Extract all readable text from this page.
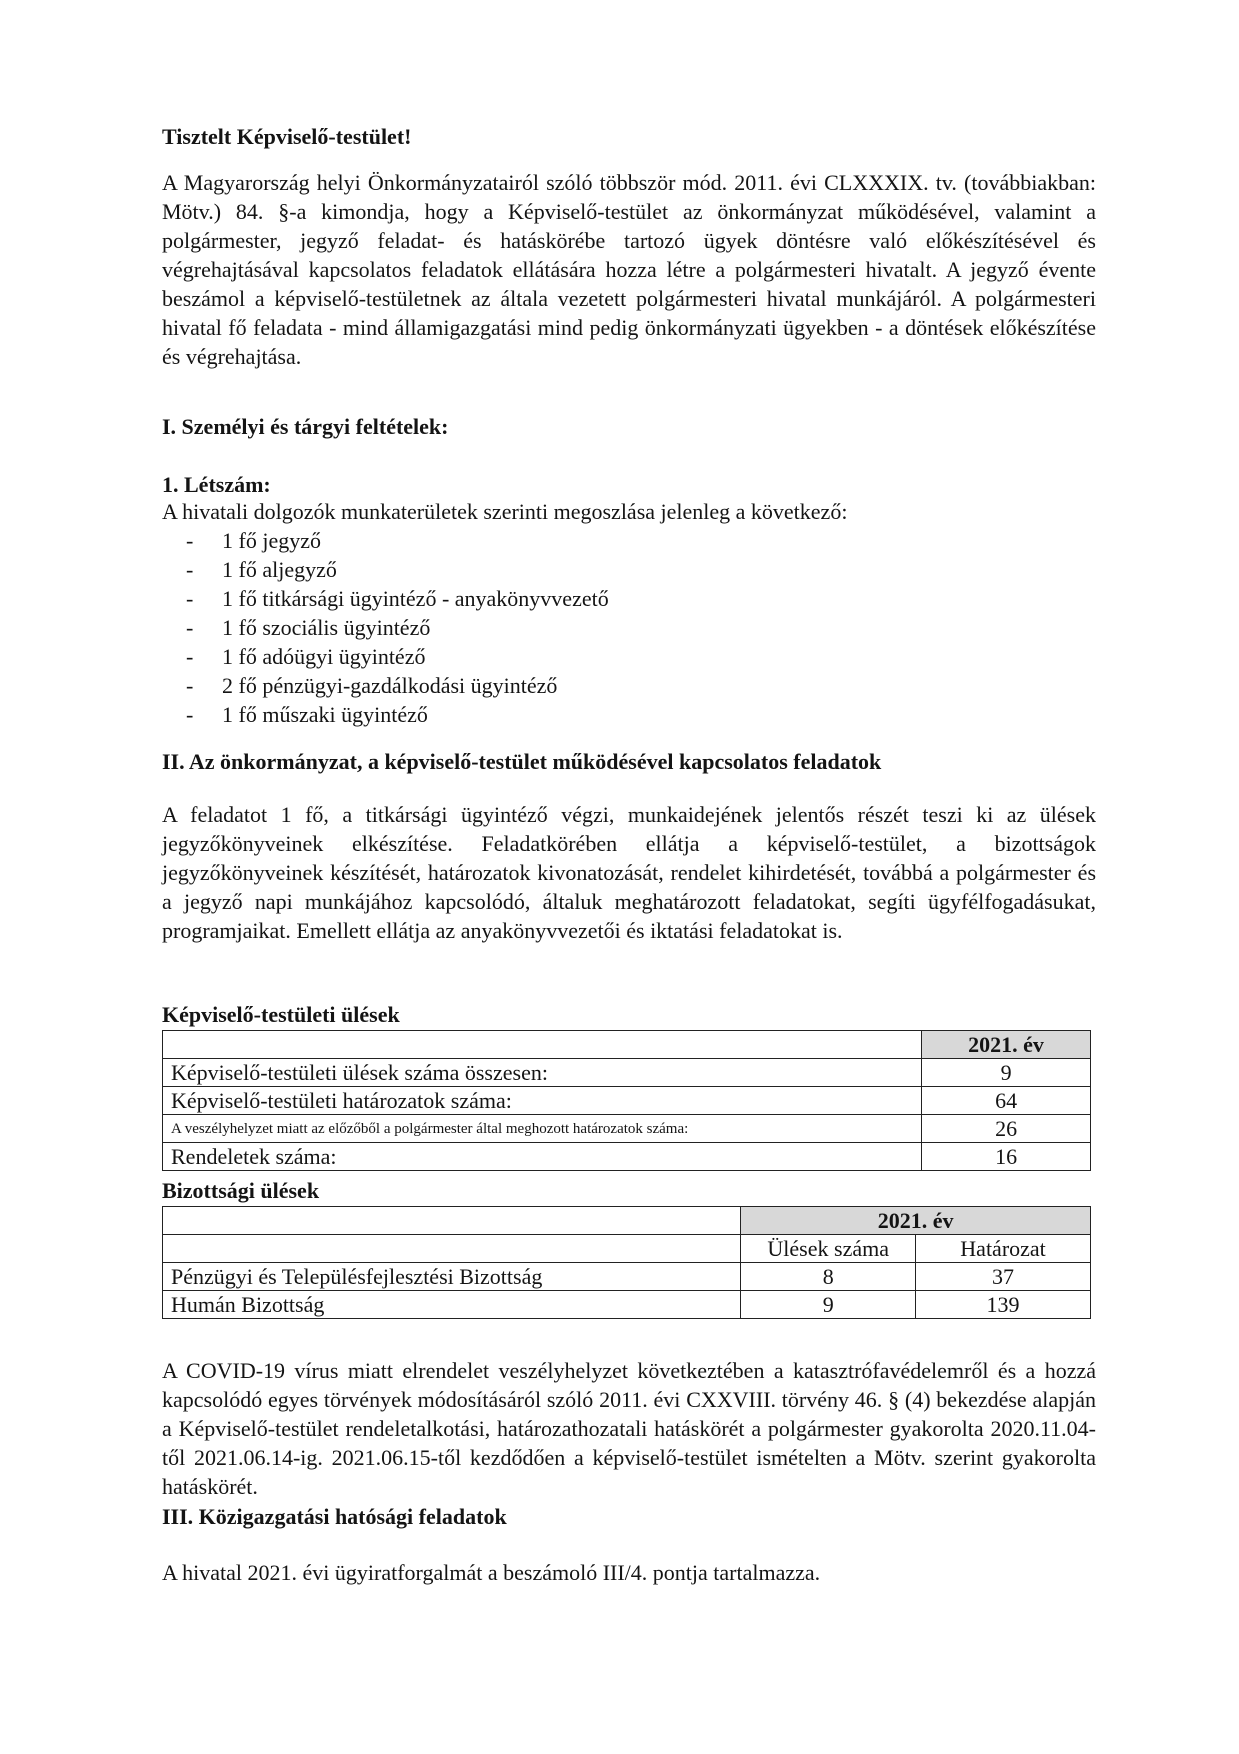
Tisztelt Képviselő-testület!

A Magyarország helyi Önkormányzatairól szóló többször mód. 2011. évi CLXXXIX. tv. (továbbiakban: Mötv.) 84. §-a kimondja, hogy a Képviselő-testület az önkormányzat működésével, valamint a polgármester, jegyző feladat- és hatáskörébe tartozó ügyek döntésre való előkészítésével és végrehajtásával kapcsolatos feladatok ellátására hozza létre a polgármesteri hivatalt. A jegyző évente beszámol a képviselő-testületnek az általa vezetett polgármesteri hivatal munkájáról. A polgármesteri hivatal fő feladata - mind államigazgatási mind pedig önkormányzati ügyekben - a döntések előkészítése és végrehajtása.

I. Személyi és tárgyi feltételek:

1. Létszám:

A hivatali dolgozók munkaterületek szerinti megoszlása jelenleg a következő:

- 1 fő jegyző
- 1 fő aljegyző
- 1 fő titkársági ügyintéző - anyakönyvvezető
- 1 fő szociális ügyintéző
- 1 fő adóügyi ügyintéző
- 2 fő pénzügyi-gazdálkodási ügyintéző
- 1 fő műszaki ügyintéző

II. Az önkormányzat, a képviselő-testület működésével kapcsolatos feladatok

A feladatot 1 fő, a titkársági ügyintéző végzi, munkaidejének jelentős részét teszi ki az ülések jegyzőkönyveinek elkészítése. Feladatkörében ellátja a képviselő-testület, a bizottságok jegyzőkönyveinek készítését, határozatok kivonatozását, rendelet kihirdetését, továbbá a polgármester és a jegyző napi munkájához kapcsolódó, általuk meghatározott feladatokat, segíti ügyfélfogadásukat, programjaikat. Emellett ellátja az anyakönyvvezetői és iktatási feladatokat is.

Képviselő-testületi ülések

	2021. év
Képviselő-testületi ülések száma összesen:	9
Képviselő-testületi határozatok száma:	64
A veszélyhelyzet miatt az előzőből a polgármester által meghozott határozatok száma:	26
Rendeletek száma:	16

Bizottsági ülések

	2021. év	
	Ülések száma	Határozat
Pénzügyi és Településfejlesztési Bizottság	8	37
Humán Bizottság	9	139

A COVID-19 vírus miatt elrendelet veszélyhelyzet következtében a katasztrófavédelemről és a hozzá kapcsolódó egyes törvények módosításáról szóló 2011. évi CXXVIII. törvény 46. § (4) bekezdése alapján a Képviselő-testület rendeletalkotási, határozathozatali hatáskörét a polgármester gyakorolta 2020.11.04-től 2021.06.14-ig. 2021.06.15-től kezdődően a képviselő-testület ismételten a Mötv. szerint gyakorolta hatáskörét.

III. Közigazgatási hatósági feladatok

A hivatal 2021. évi ügyiratforgalmát a beszámoló III/4. pontja tartalmazza.
